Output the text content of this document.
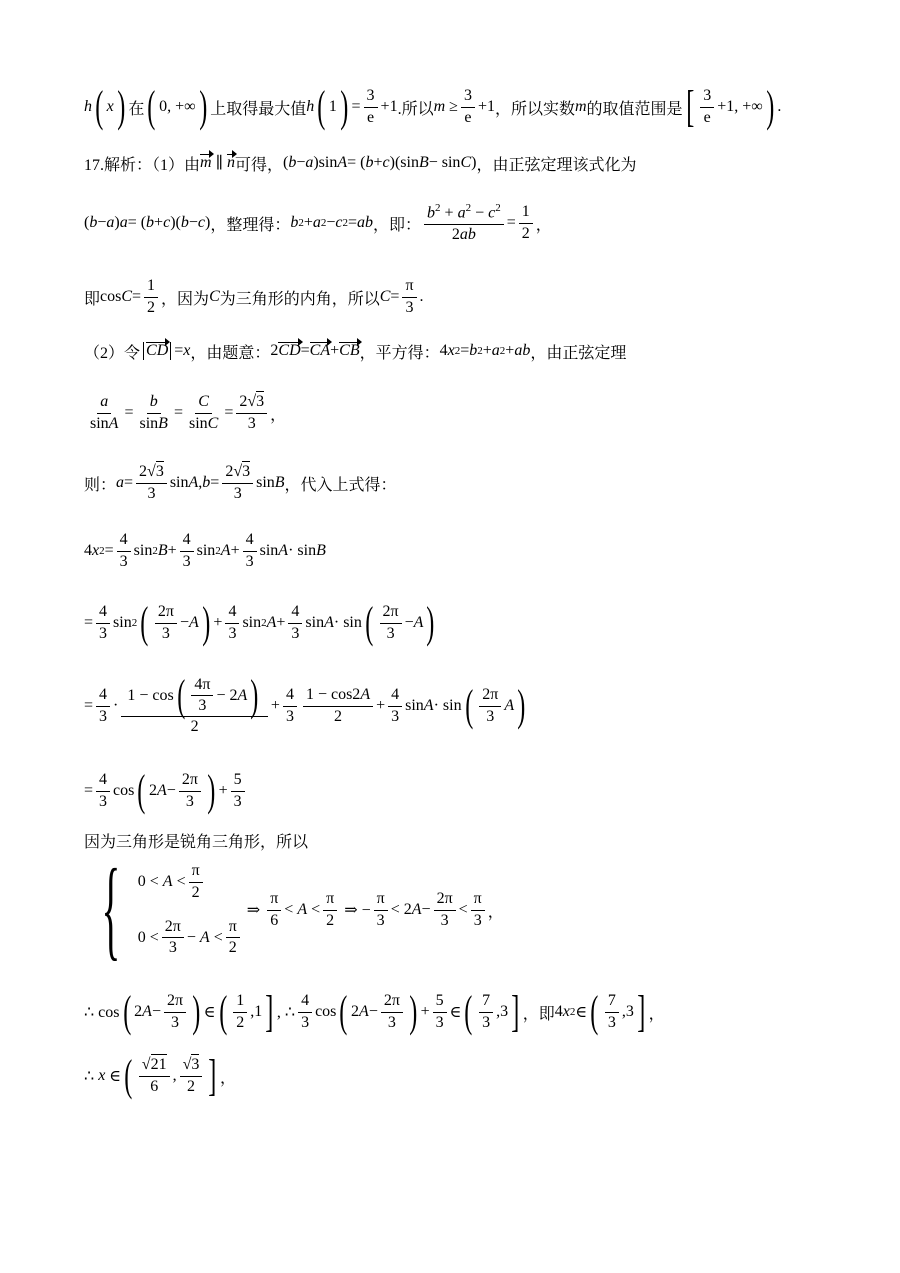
h ( x ) 在 ( 0, +∞ ) 上取得最大值 h ( 1 ) = $\frac{3}{e} +1$ .所以 $m \ge \frac{3}{e} +1$ ，所以实数 m 的取值范围是 [ $\frac{3}{e} +1$, +∞ ) .
17.解析：（1）由 m ∥ n 可得， ( b − a )sin A = ( b + c )(sin B − sin C ) ，由正弦定理该式化为
( b − a ) a = ( b + c )( b − c ) ，整理得： b 2 + a 2 − c 2 = ab ，即： $\frac{b^2 + a^2 - c^2}{2ab} = \frac{1}{2}$ ，
即 $\cos C = \frac{1}{2}$ ，因为 C 为三角形的内角，所以 $C = \frac{\pi}{3}$ .
（2）令 CD = x ，由题意： 2 CD = CA + CB ，平方得： 4 x 2 = b 2 + a 2 + ab ，由正弦定理
$\frac{a}{\sin A} = \frac{b}{\sin B} = \frac{C}{\sin C} = \frac{2√3}{3}$ ，
则： $a = \frac{2√3}{3}$ sin A , $b = \frac{2√3}{3}$ sin B ，代入上式得：
4 x $2 = \frac{4}{3}$ sin 2 $B + \frac{4}{3}$ sin 2 $A + \frac{4}{3}$ sin A · sin B
= $\frac{4}{3}$ sin 2 ( $\frac{2\pi}{3} - A$ ) + $\frac{4}{3}$ sin 2 $A + \frac{4}{3}$ sin A · sin ( $\frac{2\pi}{3} - A$ )
= $\frac{4}{3} \cdot \frac{1 - \cos ( \frac{4\pi}{3} - 2 A )}{2} + \frac{4}{3} \frac{1 - \cos 2A}{2} + \frac{4}{3}$ sin A · sin ( $\frac{2\pi}{3}$ A )
= $\frac{4}{3}$ cos ( 2 $A - \frac{2\pi}{3}$ ) + $\frac{5}{3}$
因为三角形是锐角三角形，所以
{ $0 < A < \frac{\pi}{2}$
$0 < \frac{2\pi}{3} - A < \frac{\pi}{2}$
⇒ $\frac{\pi}{6} < A < \frac{\pi}{2}$ ⇒ − $\frac{\pi}{3} < 2$ $A - \frac{2\pi}{3} < \frac{\pi}{3}$ ，
∴ cos ( 2 $A - \frac{2\pi}{3}$ ) ∈ ( $\frac{1}{2} ,1$ ] , ∴ $\frac{4}{3}$ cos ( 2 $A - \frac{2\pi}{3}$ ) + $\frac{5}{3}$ ∈ ( $\frac{7}{3} ,3$ ] ，即 4 x 2 ∈ ( $\frac{7}{3} ,3$ ] ，
∴ x ∈ ( $\frac{√21}{6}$ , $\frac{√3}{2}$ ] ，
